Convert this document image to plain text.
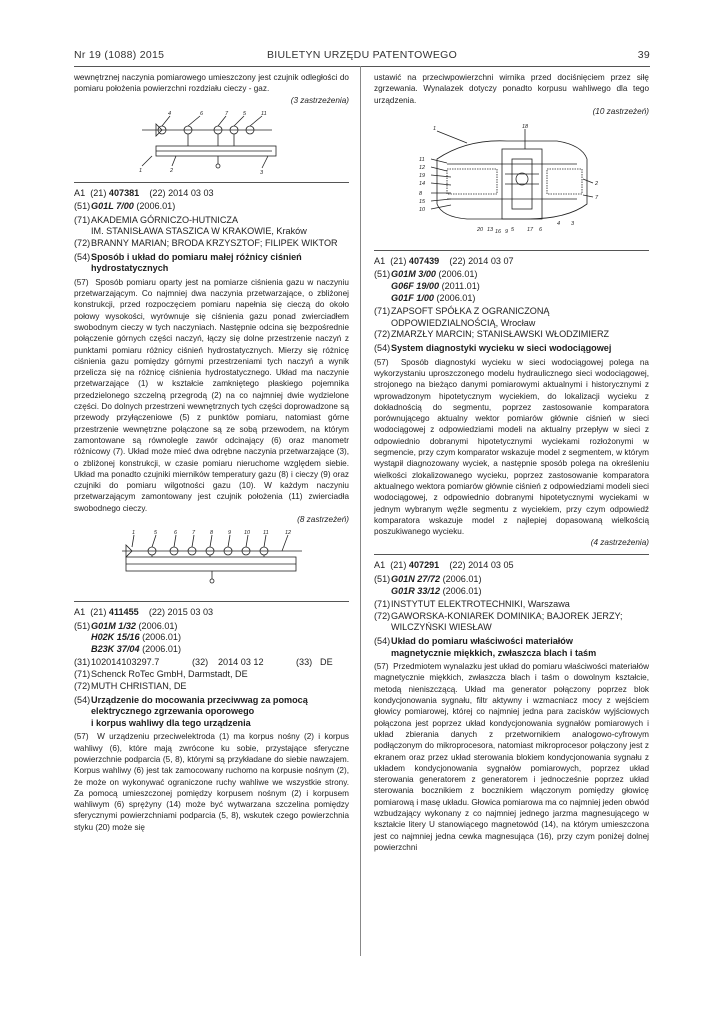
Nr 19 (1088) 2015	BIULETYN URZĘDU PATENTOWEGO	39

wewnętrznej naczynia pomiarowego umieszczony jest czujnik odległości do pomiaru położenia powierzchni rozdziału cieczy - gaz.

(3 zastrzeżenia)
4	6	7	5	11
1	2	3
A1
(21)
407381
(22)
2014 03 03
(51) G01L 7/00 (2006.01)
(71) AKADEMIA GÓRNICZO-HUTNICZA
IM. STANISŁAWA STASZICA W KRAKOWIE, Kraków
(72) BRANNY MARIAN; BRODA KRZYSZTOF; FILIPEK WIKTOR
(54) Sposób i układ do pomiaru małej różnicy ciśnień
hydrostatycznych

(57) Sposób pomiaru oparty jest na pomiarze ciśnienia gazu w naczyniu przetwarzającym. Co najmniej dwa naczynia przetwarzające, o zbliżonej konstrukcji, przed rozpoczęciem pomiaru napełnia się cieczą do około połowy wysokości, wyrównuje się ciśnienia gazu ponad zwierciadłem swobodnym cieczy w tych naczyniach. Następnie odcina się bezpośrednie połączenie górnych części naczyń, łączy się dolne przestrzenie naczyń z punktami pomiaru różnicy ciśnień hydrostatycznych. Mierzy się różnicę ciśnienia gazu pomiędzy górnymi przestrzeniami tych naczyń a wynik przelicza się na różnicę ciśnienia hydrostatycznego. Układ ma naczynie przetwarzające (1) w kształcie zamkniętego płaskiego pojemnika przedzielonego szczelną przegrodą (2) na co najmniej dwie wydzielone części. Do dolnych przestrzeni wewnętrznych tych części doprowadzone są przewody przyłączeniowe (5) z punktów pomiaru, natomiast górne przestrzenie wewnętrzne połączone są ze sobą przewodem, na którym zamontowane są równolegle zawór odcinający (6) oraz manometr różnicowy (7). Układ może mieć dwa odrębne naczynia przetwarzające (3), o zbliżonej konstrukcji, w czasie pomiaru nieruchome względem siebie. Układ ma ponadto czujniki mierników temperatury gazu (8) i cieczy (9) oraz czujniki do pomiaru wilgotności gazu (10). W każdym naczyniu przetwarzającym zamontowany jest czujnik położenia (11) zwierciadła swobodnego cieczy.

(8 zastrzeżeń)
1	5	6	7	8	9 10 11	12
A1
(21)
411455
(22)
2015 03 03
(51) G01M 1/32 (2006.01)
H02K 15/16 (2006.01)
B23K 37/04 (2006.01)
(31) 102014103297.7	(32) 2014 03 12	(33) DE
(71) Schenck RoTec GmbH, Darmstadt, DE
(72) MUTH CHRISTIAN, DE
(54) Urządzenie do mocowania przeciwwag za pomocą
elektrycznego zgrzewania oporowego
i korpus wahliwy dla tego urządzenia

(57) W urządzeniu przeciwelektroda (1) ma korpus nośny (2) i korpus wahliwy (6), które mają zwrócone ku sobie, przystające sferyczne powierzchnie podparcia (5, 8), którymi są przykładane do siebie nawzajem. Korpus wahliwy (6) jest tak zamocowany ruchomo na korpusie nośnym (2), że może on wykonywać ograniczone ruchy wahliwe we wszystkie strony. Za pomocą umieszczonej pomiędzy korpusem nośnym (2) i korpusem wahliwym (6) sprężyny (14) może być wytwarzana szczelina pomiędzy sferycznymi powierzchniami podparcia (5, 8), wskutek czego powierzchnia styku (20) może się

ustawić na przeciwpowierzchni wirnika przed dociśnięciem przez siłę zgrzewania. Wynalazek dotyczy ponadto korpusu wahliwego dla tego urządzenia.

(10 zastrzeżeń)
1	18
11
12
19
14
8
15
10
2
7
20 13 16 9 5 17 6
4 3
A1
(21)
407439
(22)
2014 03 07
(51) G01M 3/00 (2006.01)
G06F 19/00 (2011.01)
G01F 1/00 (2006.01)
(71) ZAPSOFT SPÓŁKA Z OGRANICZONĄ
ODPOWIEDZIALNOŚCIĄ, Wrocław
(72) ZMARZŁY MARCIN; STANISŁAWSKI WŁODZIMIERZ
(54) System diagnostyki wycieku w sieci wodociągowej

(57) Sposób diagnostyki wycieku w sieci wodociągowej polega na wykorzystaniu uproszczonego modelu hydraulicznego sieci wodociągowej, strojonego na bieżąco danymi pomiarowymi aktualnymi i historycznymi z wprowadzonym hipotetycznym wyciekiem, do lokalizacji wycieku z dokładnością do segmentu, poprzez zastosowanie komparatora porównującego aktualny wektor pomiarów głównie ciśnień w sieci wodociągowej z odpowiedziami modeli na aktualny przepływ w sieci z odpowiednio dobranymi hipotetycznymi wyciekami rozłożonymi w segmencie, przy czym komparator wskazuje model z segmentem, w którym wystąpił diagnozowany wyciek, a następnie sposób polega na określeniu wielkości zlokalizowanego wycieku, poprzez zastosowanie komparatora aktualnego wektora pomiarów głównie ciśnień z odpowiedziami modeli sieci wodociągowej, z odpowiednio dobranymi hipotetycznymi wyciekami w jednym wybranym węźle segmentu z wyciekiem, przy czym odpowiedź komparatora wskazuje model z najlepiej dopasowaną wielkością poszukiwanego wycieku.

(4 zastrzeżenia)
A1
(21)
407291
(22)
2014 03 05
(51) G01N 27/72 (2006.01)
G01R 33/12 (2006.01)
(71) INSTYTUT ELEKTROTECHNIKI, Warszawa
(72) GAWORSKA-KONIAREK DOMINIKA; BAJOREK JERZY;
WILCZYŃSKI WIESŁAW
(54) Układ do pomiaru właściwości materiałów
magnetycznie miękkich, zwłaszcza blach i taśm

(57) Przedmiotem wynalazku jest układ do pomiaru właściwości materiałów magnetycznie miękkich, zwłaszcza blach i taśm o dowolnym kształcie, metodą nieniszczącą. Układ ma generator połączony poprzez blok kondycjonowania sygnału, filtr aktywny i wzmacniacz mocy z wejściem głowicy pomiarowej, której co najmniej jedna para zacisków wyjściowych połączona jest poprzez układ kondycjonowania sygnałów pomiarowych i układ zbierania danych z przetwornikiem analogowo-cyfrowym podłączonym do mikroprocesora, natomiast mikroprocesor połączony jest z ekranem oraz przez układ sterowania blokiem kondycjonowania sygnału z układem kondycjonowania sygnałów pomiarowych, poprzez układ sterowania generatorem z generatorem i jednocześnie poprzez układ sterowania bocznikiem z bocznikiem włączonym pomiędzy głowicę pomiarową i masę układu. Głowica pomiarowa ma co najmniej jeden obwód wzbudzający wykonany z co najmniej jednego jarzma magnesującego w kształcie litery U stanowiącego magnetowód (14), na którym umieszczona jest co najmniej jedna cewka magnesująca (16), przy czym poniżej dolnej powierzchni
